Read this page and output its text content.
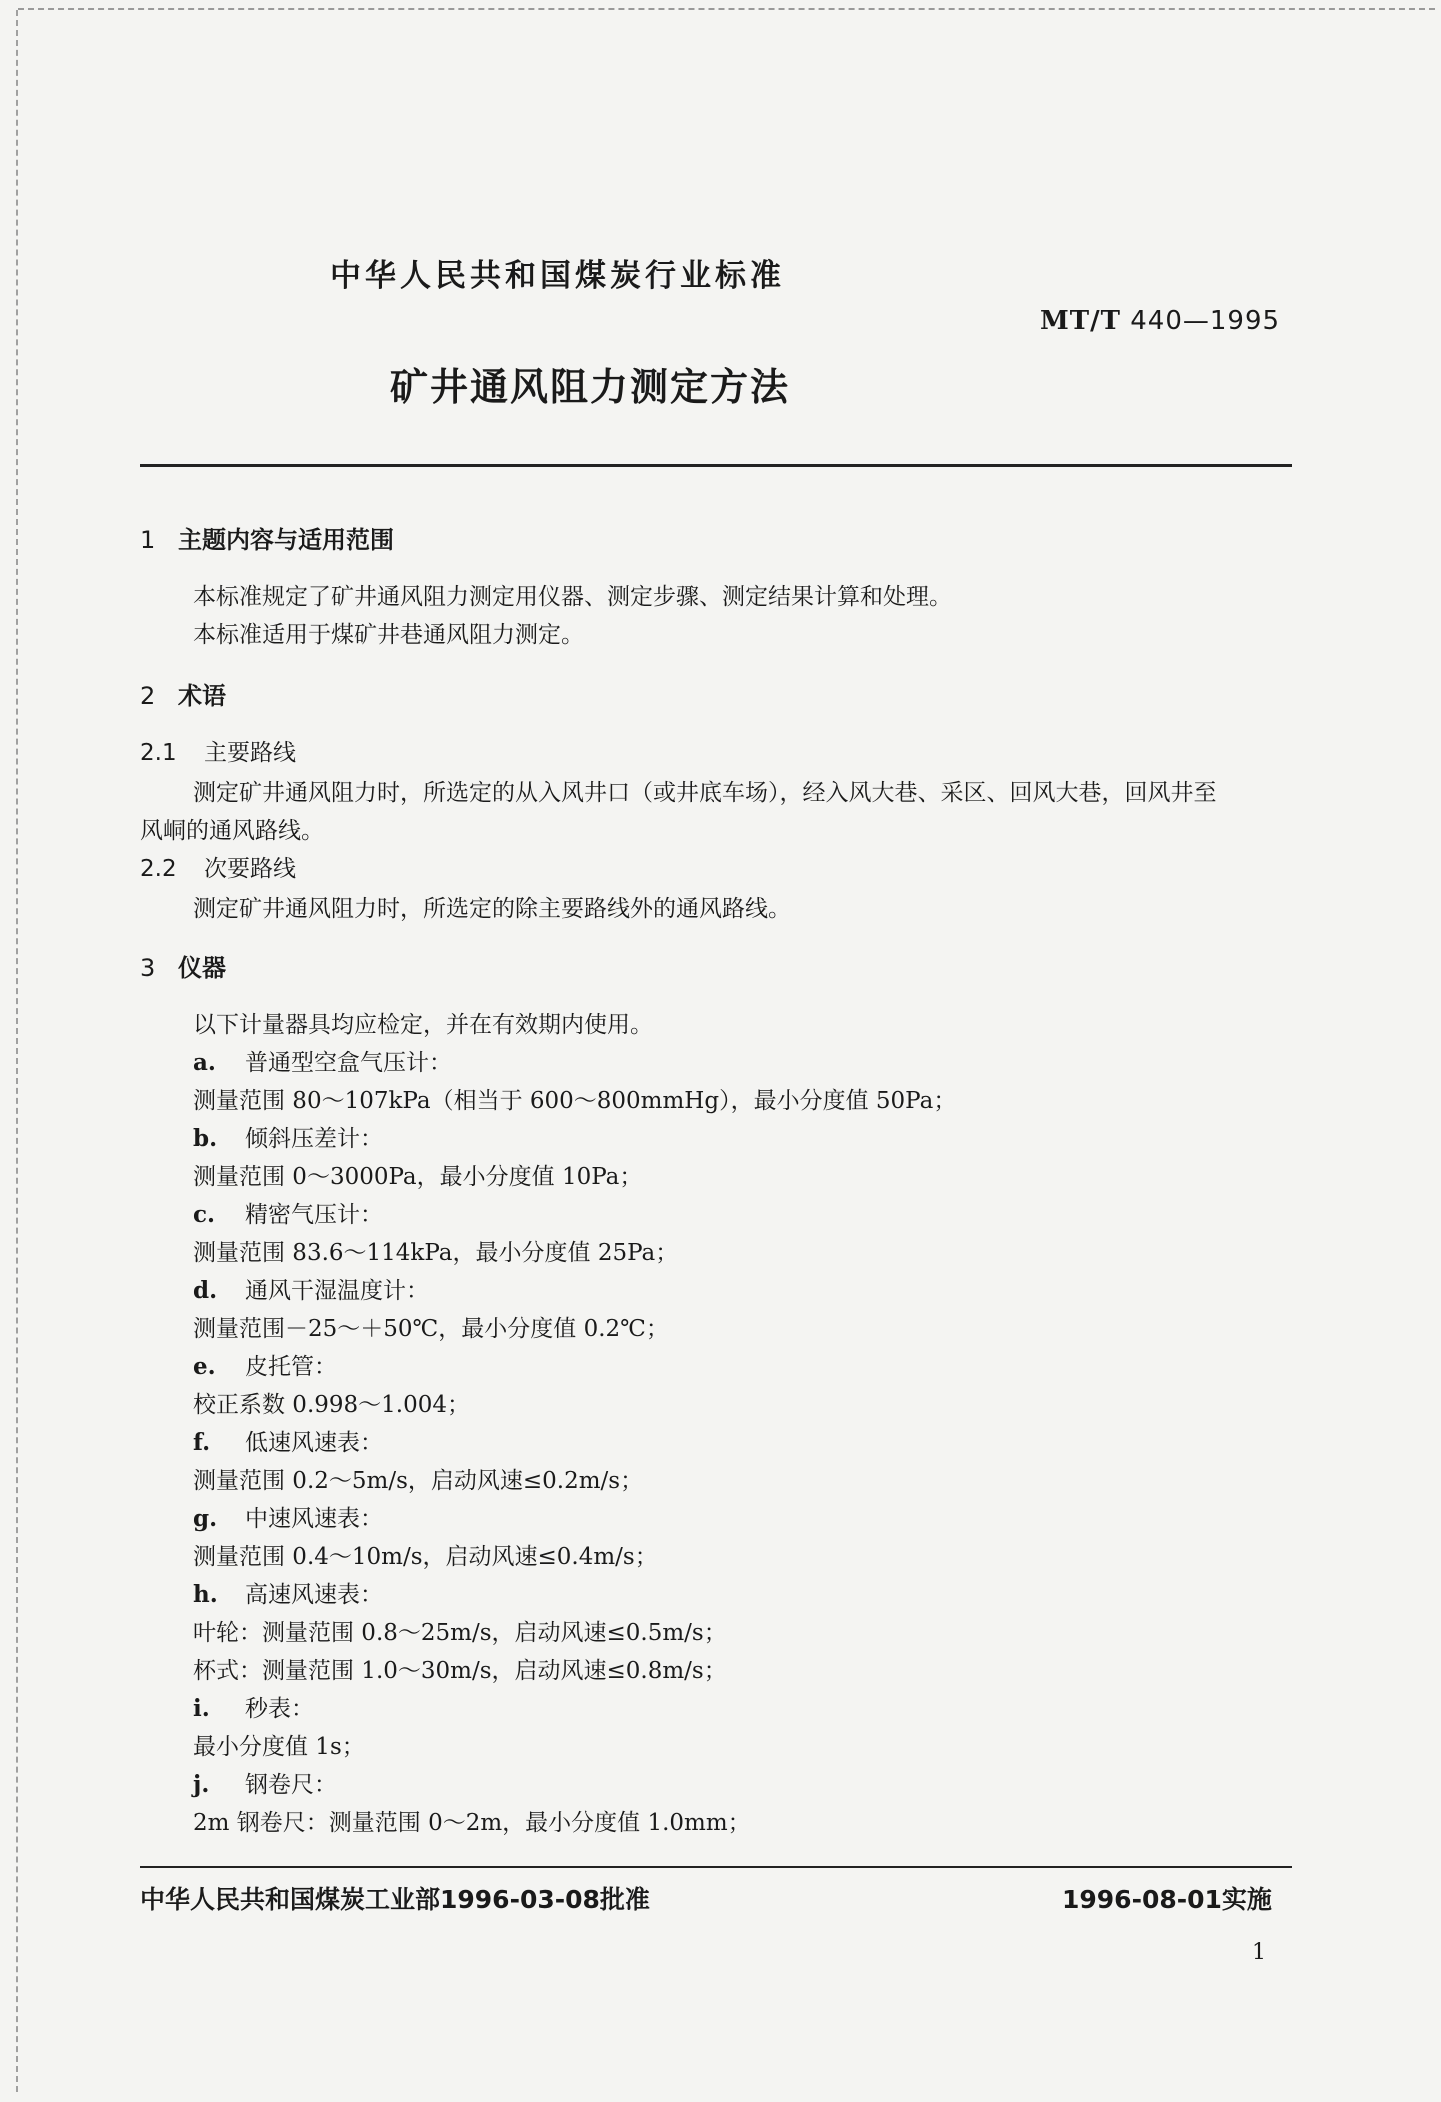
中华人民共和国煤炭行业标准
MT/T 440—1995
矿井通风阻力测定方法
1 主题内容与适用范围
本标准规定了矿井通风阻力测定用仪器、测定步骤、测定结果计算和处理。
本标准适用于煤矿井巷通风阻力测定。
2 术语
2.1 主要路线
测定矿井通风阻力时，所选定的从入风井口（或井底车场），经入风大巷、采区、回风大巷，回风井至
风峒的通风路线。
2.2 次要路线
测定矿井通风阻力时，所选定的除主要路线外的通风路线。
3 仪器
以下计量器具均应检定，并在有效期内使用。
a. 普通型空盒气压计：
测量范围 80～107kPa（相当于 600～800mmHg），最小分度值 50Pa；
b. 倾斜压差计：
测量范围 0～3000Pa，最小分度值 10Pa；
c. 精密气压计：
测量范围 83.6～114kPa，最小分度值 25Pa；
d. 通风干湿温度计：
测量范围－25～＋50℃，最小分度值 0.2℃；
e. 皮托管：
校正系数 0.998～1.004；
f. 低速风速表：
测量范围 0.2～5m/s，启动风速≤0.2m/s；
g. 中速风速表：
测量范围 0.4～10m/s，启动风速≤0.4m/s；
h. 高速风速表：
叶轮：测量范围 0.8～25m/s，启动风速≤0.5m/s；
杯式：测量范围 1.0～30m/s，启动风速≤0.8m/s；
i. 秒表：
最小分度值 1s；
j. 钢卷尺：
2m 钢卷尺：测量范围 0～2m，最小分度值 1.0mm；
中华人民共和国煤炭工业部1996-03-08批准	1996-08-01实施
1
